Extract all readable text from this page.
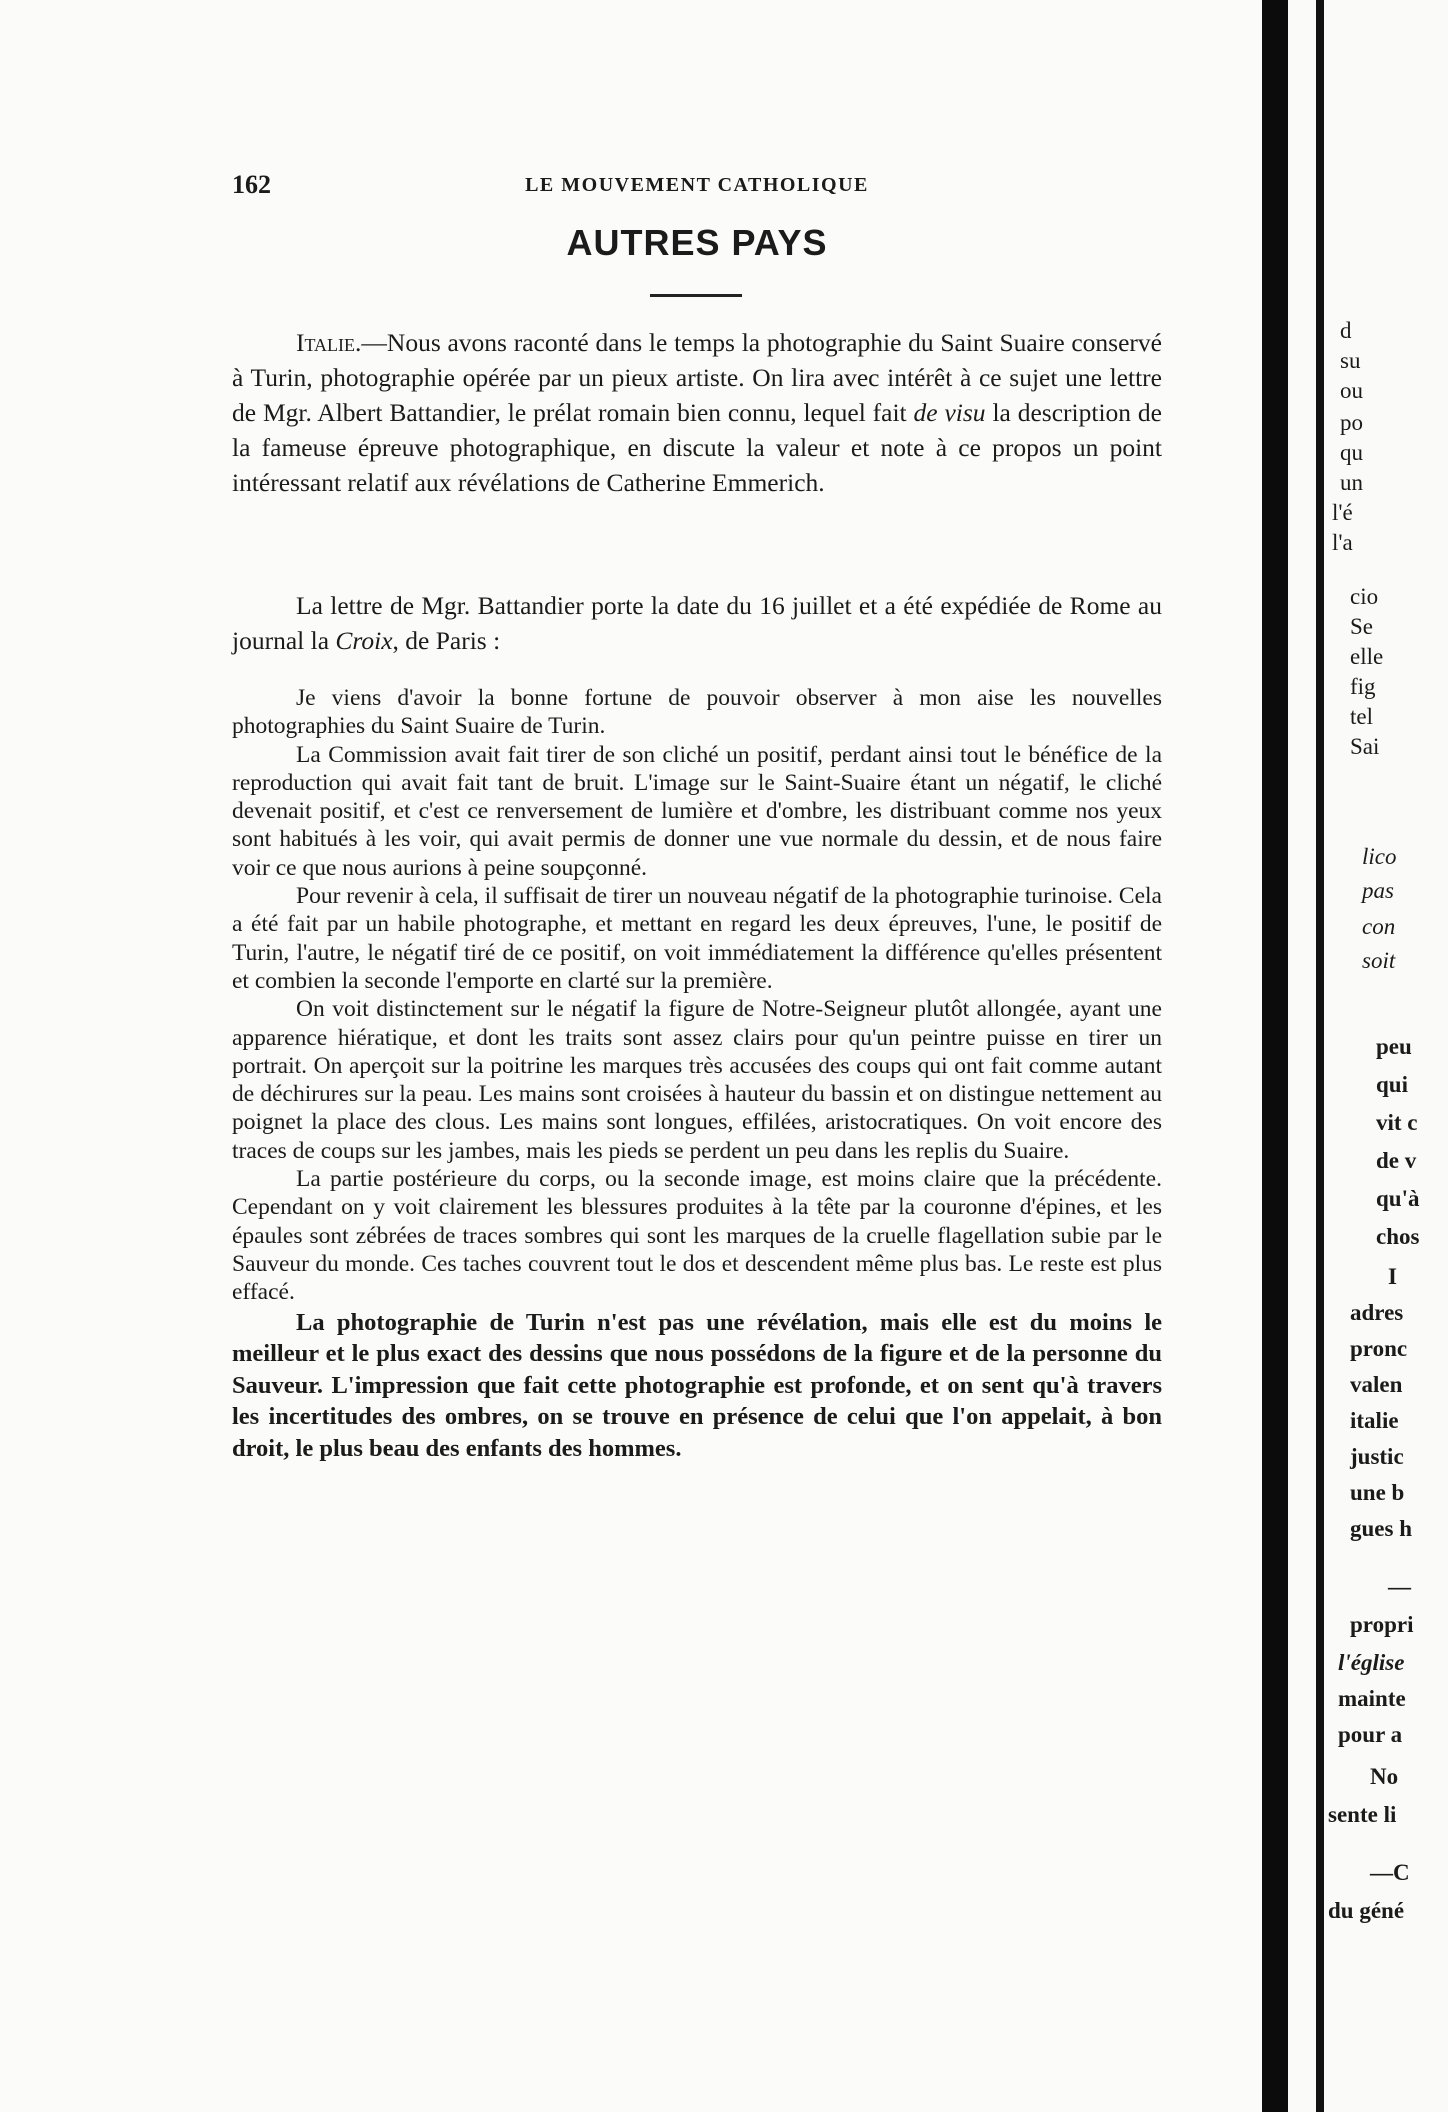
162	LE MOUVEMENT CATHOLIQUE
AUTRES PAYS

Italie.—Nous avons raconté dans le temps la photographie du Saint Suaire conservé à Turin, photographie opérée par un pieux artiste. On lira avec intérêt à ce sujet une lettre de Mgr. Albert Battandier, le prélat romain bien connu, lequel fait de visu la description de la fameuse épreuve photographique, en discute la valeur et note à ce propos un point intéressant relatif aux révélations de Catherine Emmerich.

La lettre de Mgr. Battandier porte la date du 16 juillet et a été expédiée de Rome au journal la Croix, de Paris :

Je viens d'avoir la bonne fortune de pouvoir observer à mon aise les nouvelles photographies du Saint Suaire de Turin.

La Commission avait fait tirer de son cliché un positif, perdant ainsi tout le bénéfice de la reproduction qui avait fait tant de bruit. L'image sur le Saint-Suaire étant un négatif, le cliché devenait positif, et c'est ce renversement de lumière et d'ombre, les distribuant comme nos yeux sont habitués à les voir, qui avait permis de donner une vue normale du dessin, et de nous faire voir ce que nous aurions à peine soupçonné.

Pour revenir à cela, il suffisait de tirer un nouveau négatif de la photographie turinoise. Cela a été fait par un habile photographe, et mettant en regard les deux épreuves, l'une, le positif de Turin, l'autre, le négatif tiré de ce positif, on voit immédiatement la différence qu'elles présentent et combien la seconde l'emporte en clarté sur la première.

On voit distinctement sur le négatif la figure de Notre-Seigneur plutôt allongée, ayant une apparence hiératique, et dont les traits sont assez clairs pour qu'un peintre puisse en tirer un portrait. On aperçoit sur la poitrine les marques très accusées des coups qui ont fait comme autant de déchirures sur la peau. Les mains sont croisées à hauteur du bassin et on distingue nettement au poignet la place des clous. Les mains sont longues, effilées, aristocratiques. On voit encore des traces de coups sur les jambes, mais les pieds se perdent un peu dans les replis du Suaire.

La partie postérieure du corps, ou la seconde image, est moins claire que la précédente. Cependant on y voit clairement les blessures produites à la tête par la couronne d'épines, et les épaules sont zébrées de traces sombres qui sont les marques de la cruelle flagellation subie par le Sauveur du monde. Ces taches couvrent tout le dos et descendent même plus bas. Le reste est plus effacé.

La photographie de Turin n'est pas une révélation, mais elle est du moins le meilleur et le plus exact des dessins que nous possédons de la figure et de la personne du Sauveur. L'impression que fait cette photographie est profonde, et on sent qu'à travers les incertitudes des ombres, on se trouve en présence de celui que l'on appelait, à bon droit, le plus beau des enfants des hommes.

d
su
ou
po
qu
un
l'é
l'a
cio
Se
elle
fig
tel
Sai
lico
pas
con
soit
peu
qui
vit c
de v
qu'à
chos
I
adres
pronc
valen
italie
justic
une b
gues h
—
propri
l'église
mainte
pour a
No
sente li
—C
du géné
